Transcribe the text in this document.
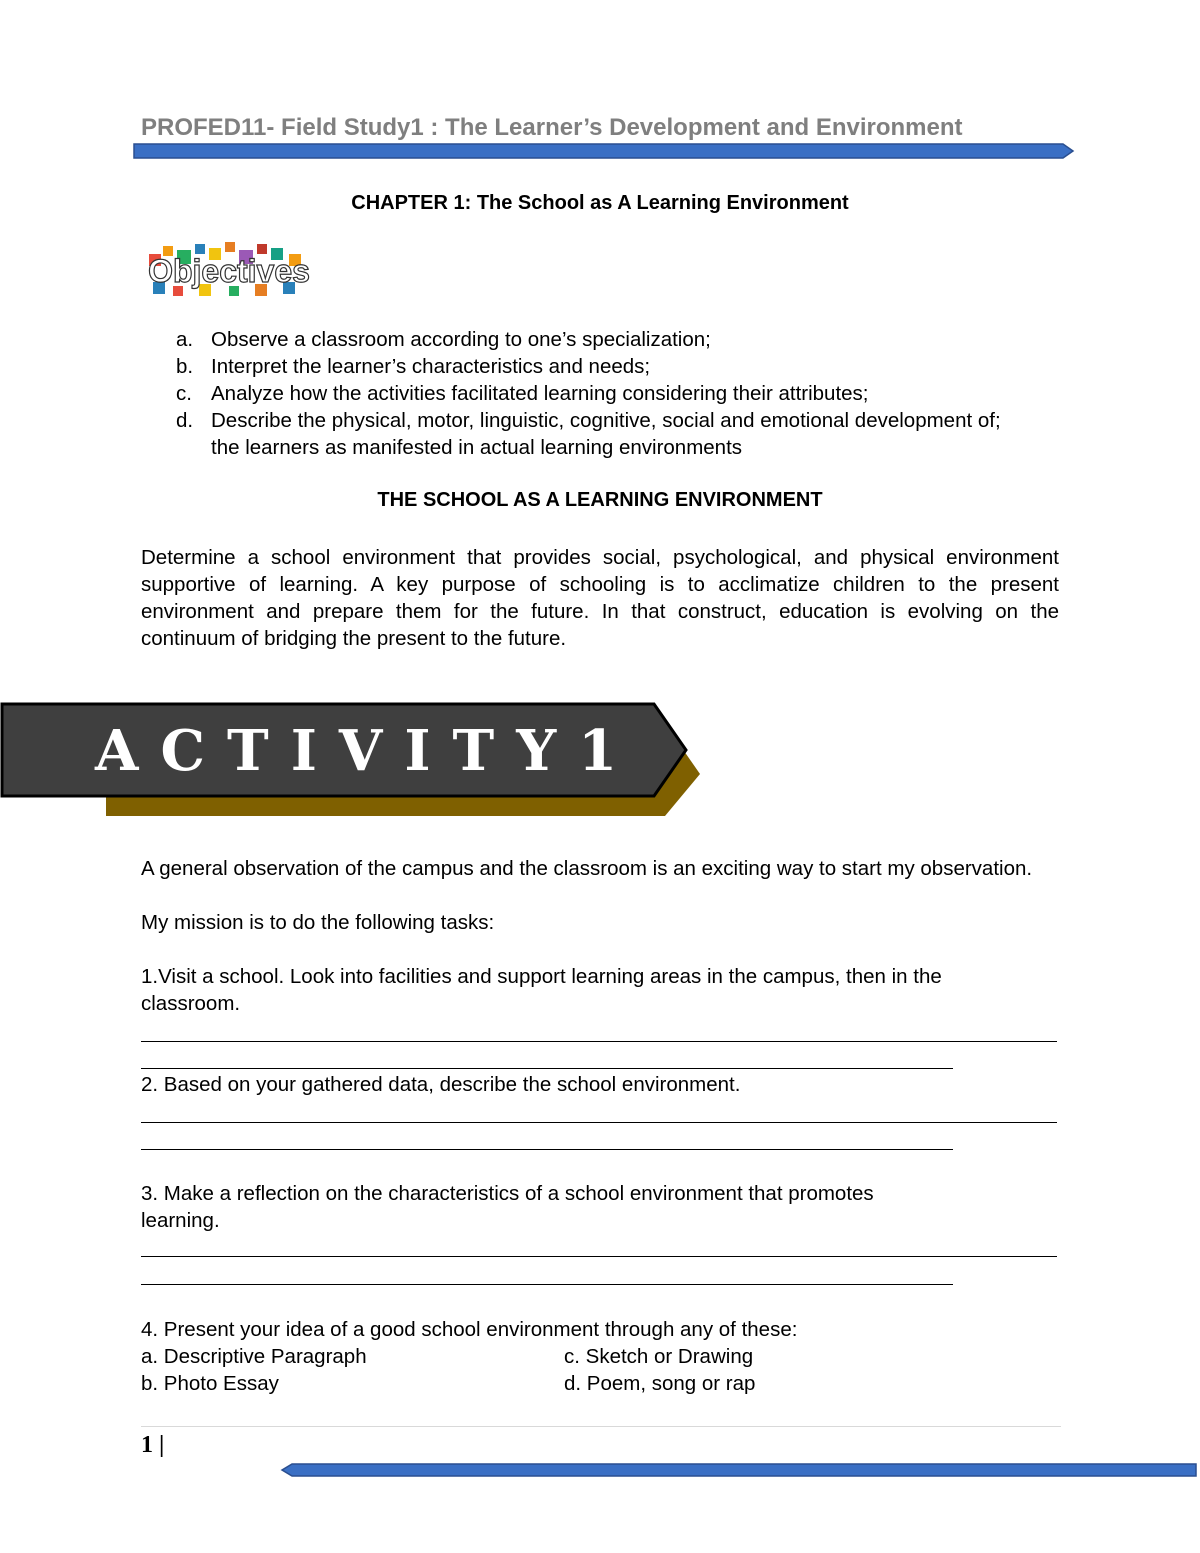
PROFED11- Field Study1 : The Learner’s Development and Environment
CHAPTER 1: The School as A Learning Environment
Objectives
a. Observe a classroom according to one’s specialization;
b. Interpret the learner’s characteristics and needs;
c. Analyze how the activities facilitated learning considering their attributes;
d. Describe the physical, motor, linguistic, cognitive, social and emotional development of; the learners as manifested in actual learning environments
THE SCHOOL AS A LEARNING ENVIRONMENT
Determine a school environment that provides social, psychological, and physical environment supportive of learning. A key purpose of schooling is to acclimatize children to the present environment and prepare them for the future. In that construct, education is evolving on the continuum of bridging the present to the future.
ACTIVITY1
A general observation of the campus and the classroom is an exciting way to start my observation.
My mission is to do the following tasks:
1.Visit a school. Look into facilities and support learning areas in the campus, then in the
classroom.
2. Based on your gathered data, describe the school environment.
3. Make a reflection on the characteristics of a school environment that promotes
learning.
4. Present your idea of a good school environment through any of these:
a. Descriptive Paragraph	c. Sketch or Drawing
b. Photo Essay	d. Poem, song or rap
1 |
